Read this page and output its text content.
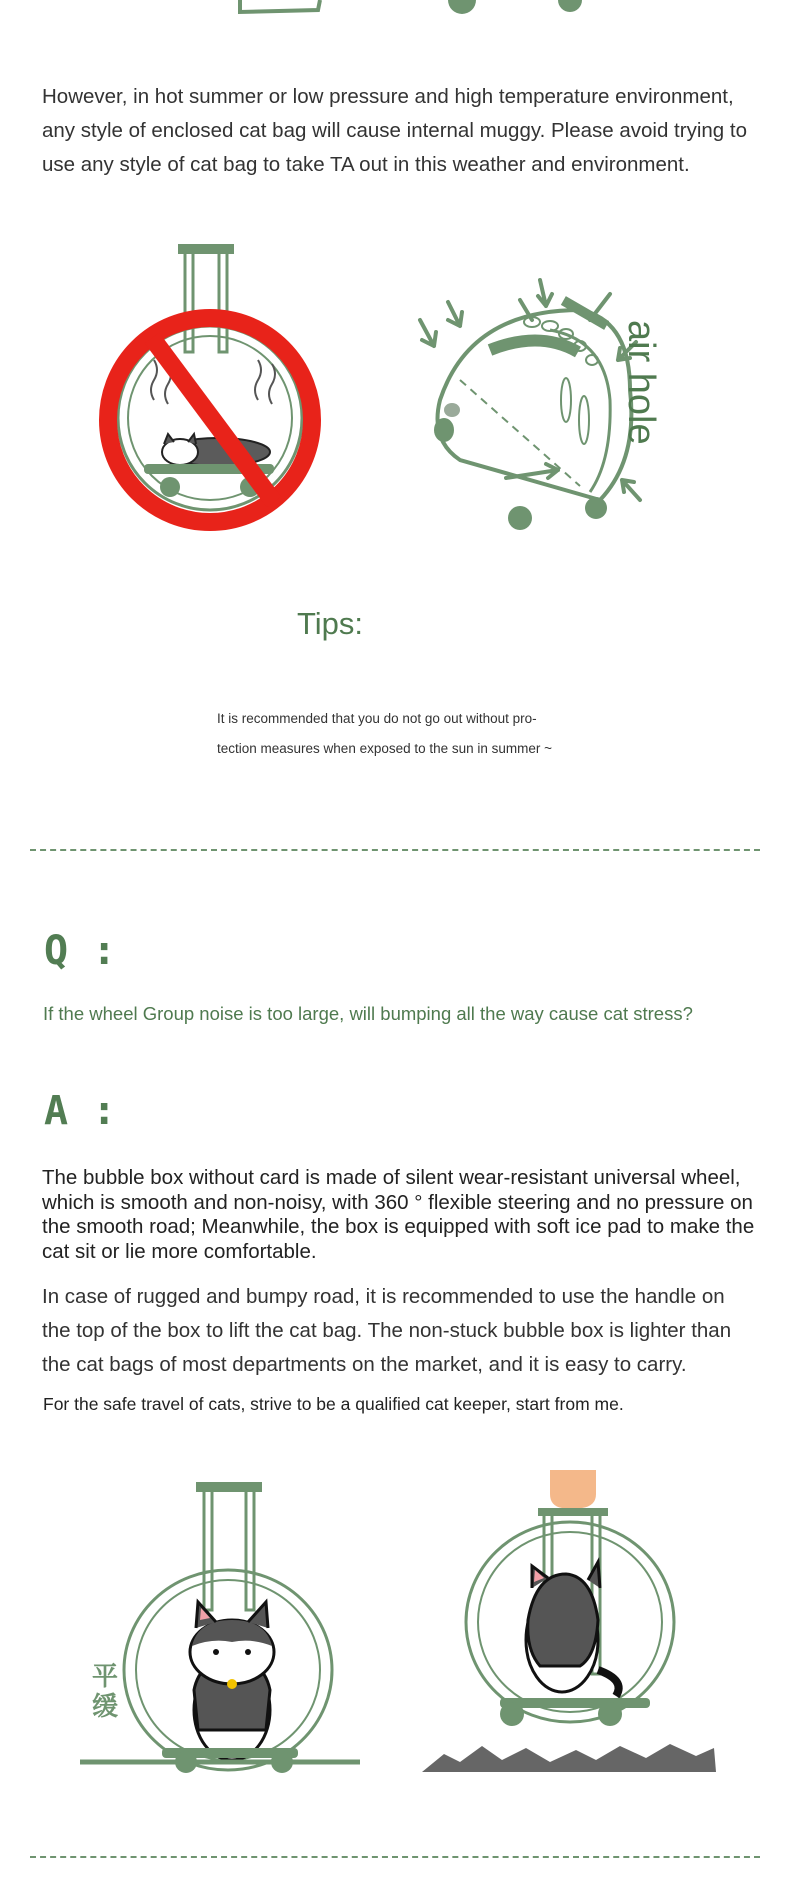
However, in hot summer or low pressure and high temperature environment, any style of enclosed cat bag will cause internal muggy. Please avoid trying to use any style of cat bag to take TA out in this weather and environment.

air hole
Tips:
It is recommended that you do not go out without pro-
tection measures when exposed to the sun in summer ~
Q :
If the wheel Group noise is too large, will bumping all the way cause cat stress?
A :

The bubble box without card is made of silent wear-resistant universal wheel, which is smooth and non-noisy, with 360 ° flexible steering and no pressure on the smooth road; Meanwhile, the box is equipped with soft ice pad to make the cat sit or lie more comfortable.

In case of rugged and bumpy road, it is recommended to use the handle on the top of the box to lift the cat bag. The non-stuck bubble box is lighter than the cat bags of most departments on the market, and it is easy to carry.

For the safe travel of cats, strive to be a qualified cat keeper, start from me.
平缓
